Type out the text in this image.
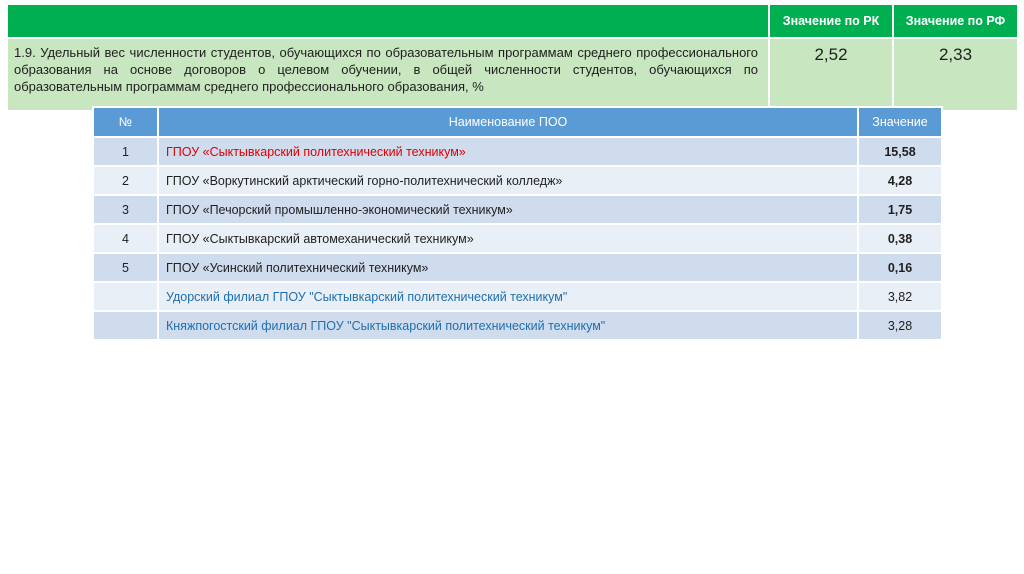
	Значение по РК	Значение по РФ
1.9. Удельный вес численности студентов, обучающихся по образовательным программам среднего профессионального образования на основе договоров о целевом обучении, в общей численности студентов, обучающихся по образовательным программам среднего профессионального образования, %	2,52	2,33
№	Наименование ПОО	Значение
1	ГПОУ «Сыктывкарский политехнический техникум»	15,58
2	ГПОУ «Воркутинский арктический горно-политехнический колледж»	4,28
3	ГПОУ «Печорский промышленно-экономический техникум»	1,75
4	ГПОУ «Сыктывкарский автомеханический техникум»	0,38
5	ГПОУ «Усинский политехнический техникум»	0,16
	Удорский филиал ГПОУ "Сыктывкарский политехнический техникум"	3,82
	Княжпогостский филиал ГПОУ "Сыктывкарский политехнический техникум"	3,28
